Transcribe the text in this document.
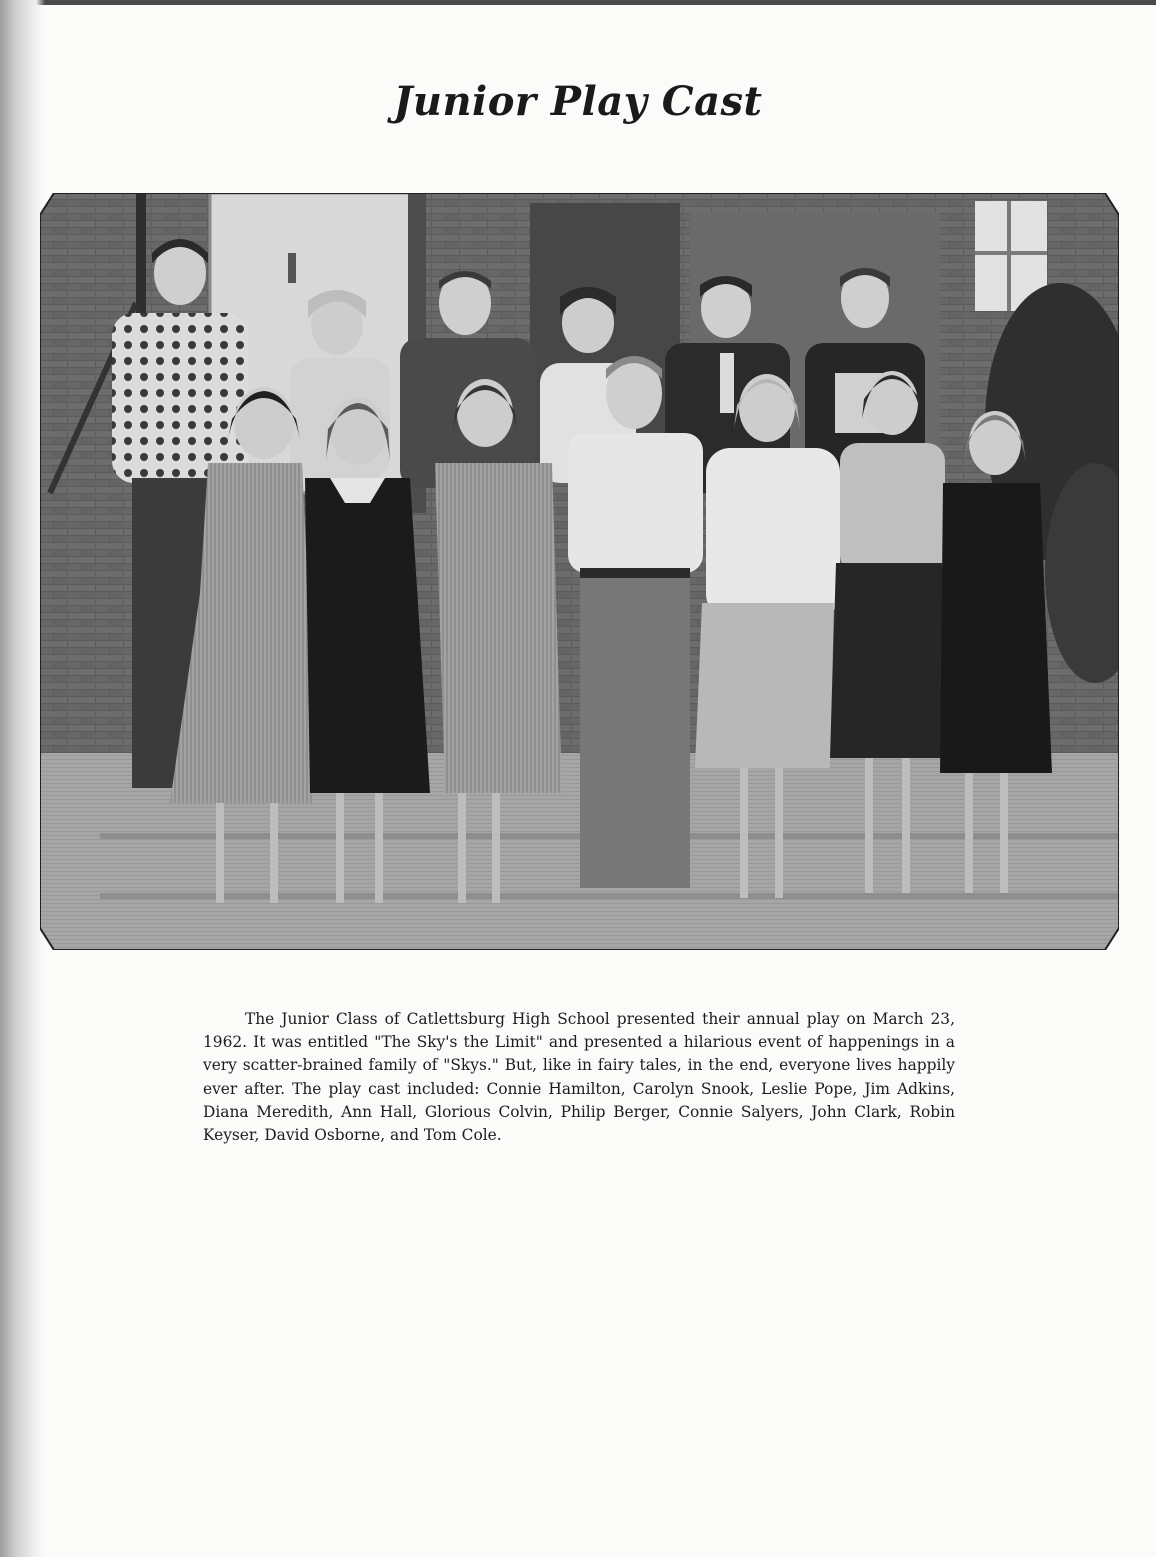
Junior Play Cast

The Junior Class of Catlettsburg High School presented their annual play on March 23, 1962. It was entitled "The Sky's the Limit" and presented a hilarious event of happenings in a very scatter-brained family of "Skys." But, like in fairy tales, in the end, everyone lives happily ever after. The play cast included: Connie Hamilton, Carolyn Snook, Leslie Pope, Jim Adkins, Diana Meredith, Ann Hall, Glorious Colvin, Philip Berger, Connie Salyers, John Clark, Robin Keyser, David Osborne, and Tom Cole.
